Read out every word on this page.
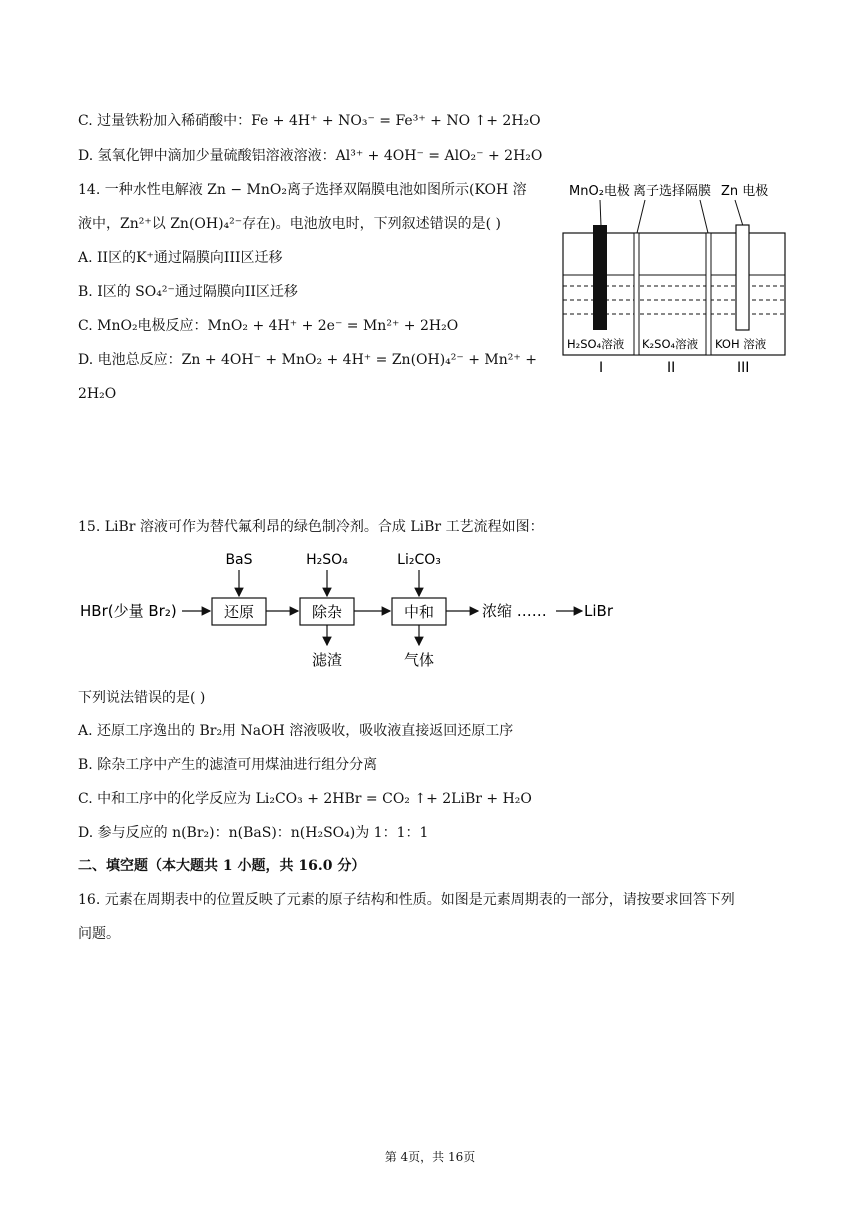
C. 过量铁粉加入稀硝酸中：Fe + 4H⁺ + NO₃⁻ = Fe³⁺ + NO ↑+ 2H₂O
D. 氢氧化钾中滴加少量硫酸铝溶液溶液：Al³⁺ + 4OH⁻ = AlO₂⁻ + 2H₂O
14. 一种水性电解液 Zn − MnO₂离子选择双隔膜电池如图所示(KOH 溶
液中，Zn²⁺以 Zn(OH)₄²⁻存在)。电池放电时，下列叙述错误的是( )
A. II区的K⁺通过隔膜向III区迁移
B. I区的 SO₄²⁻通过隔膜向II区迁移
C. MnO₂电极反应：MnO₂ + 4H⁺ + 2e⁻ = Mn²⁺ + 2H₂O
D. 电池总反应：Zn + 4OH⁻ + MnO₂ + 4H⁺ = Zn(OH)₄²⁻ + Mn²⁺ +
2H₂O
MnO₂电极 离子选择隔膜 Zn 电极
H₂SO₄溶液 K₂SO₄溶液 KOH 溶液
I	II	III
15. LiBr 溶液可作为替代氟利昂的绿色制冷剂。合成 LiBr 工艺流程如图：
HBr(少量 Br₂)	还原
BaS
除杂
H₂SO₄
滤渣
中和
Li₂CO₃
气体
浓缩 …… LiBr
下列说法错误的是( )
A. 还原工序逸出的 Br₂用 NaOH 溶液吸收，吸收液直接返回还原工序
B. 除杂工序中产生的滤渣可用煤油进行组分分离
C. 中和工序中的化学反应为 Li₂CO₃ + 2HBr = CO₂ ↑+ 2LiBr + H₂O
D. 参与反应的 n(Br₂)：n(BaS)：n(H₂SO₄)为 1：1：1
二、填空题（本大题共 1 小题，共 16.0 分）
16. 元素在周期表中的位置反映了元素的原子结构和性质。如图是元素周期表的一部分，请按要求回答下列
问题。
第 4页，共 16页
